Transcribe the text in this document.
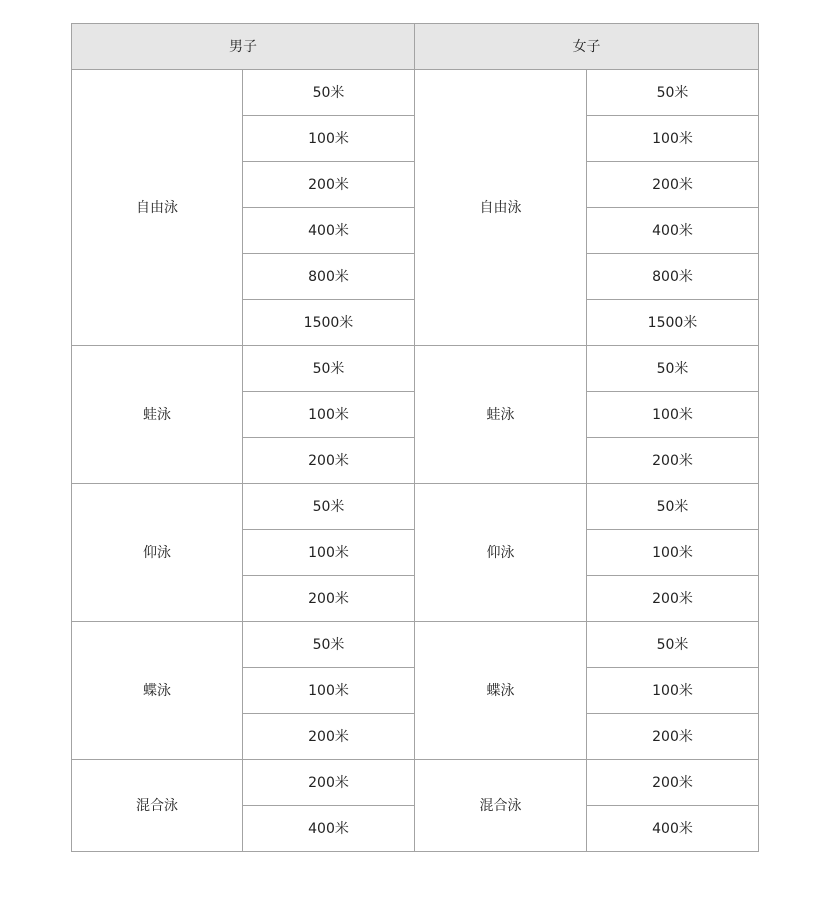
男子		女子	
自由泳	50米	自由泳	50米
	100米		100米
	200米		200米
	400米		400米
	800米		800米
	1500米		1500米
蛙泳	50米	蛙泳	50米
	100米		100米
	200米		200米
仰泳	50米	仰泳	50米
	100米		100米
	200米		200米
蝶泳	50米	蝶泳	50米
	100米		100米
	200米		200米
混合泳	200米	混合泳	200米
	400米		400米
